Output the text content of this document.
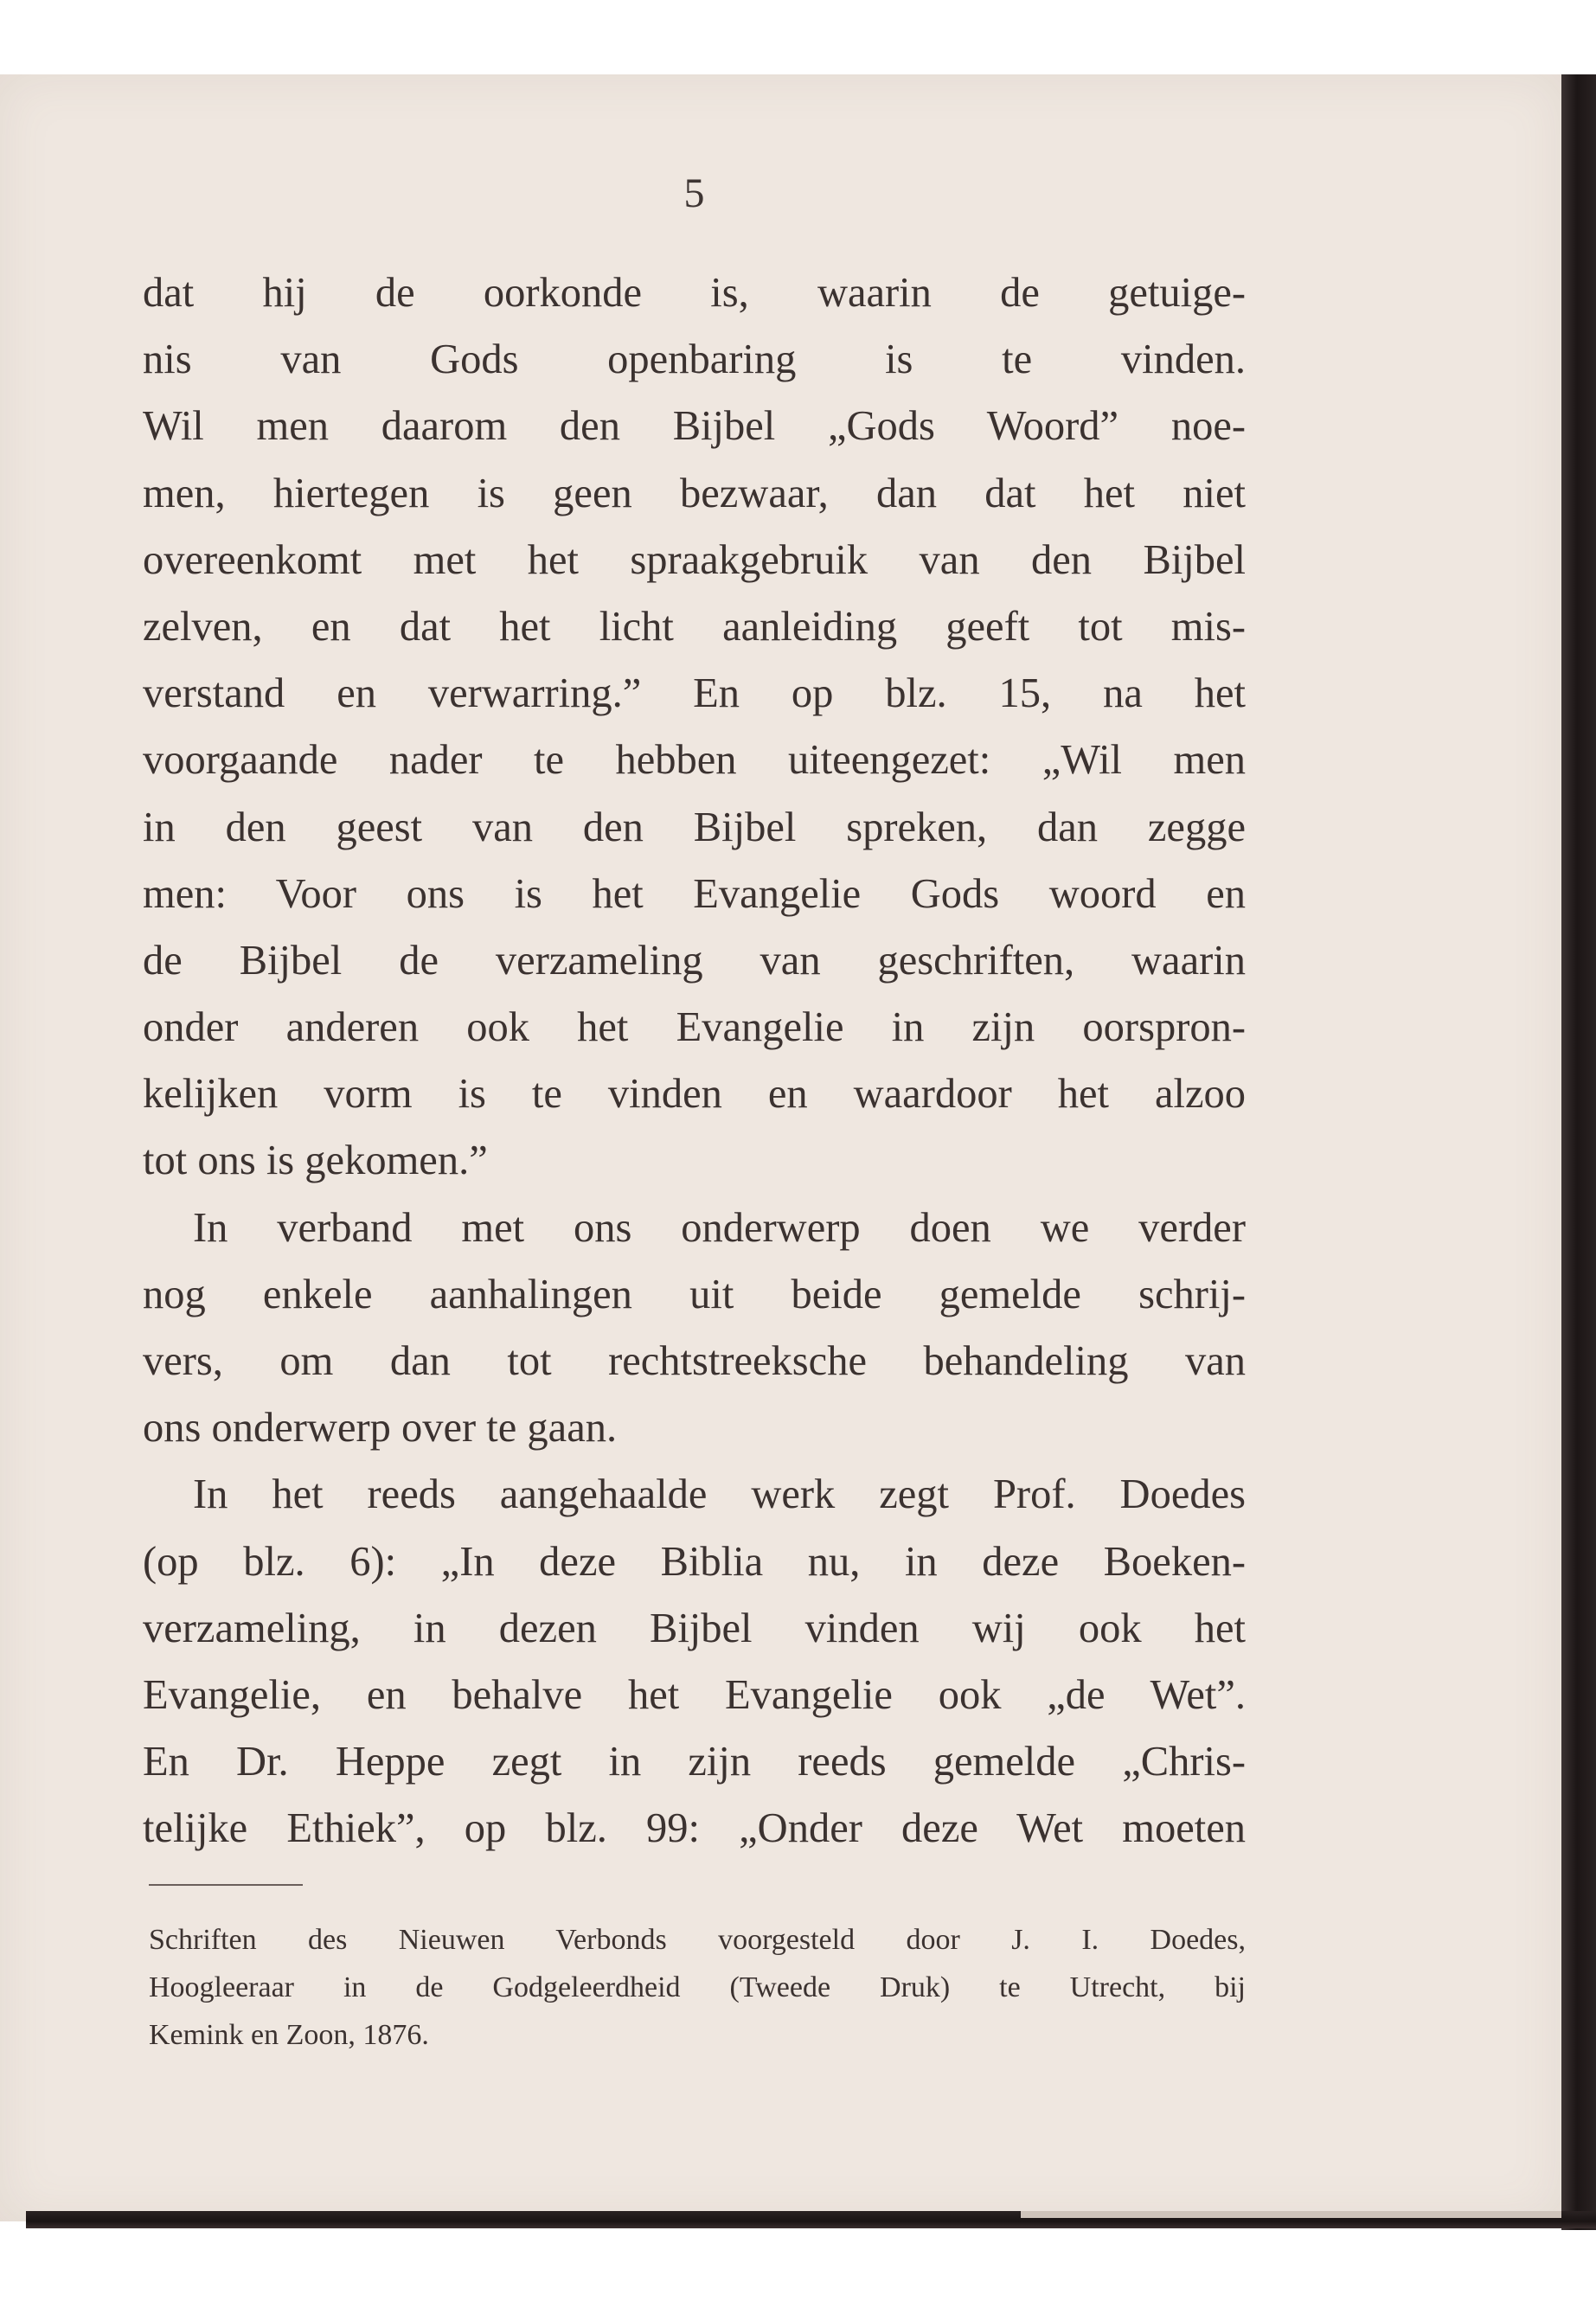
5
dat hij de oorkonde is, waarin de getuige-
nis van Gods openbaring is te vinden.
Wil men daarom den Bijbel „Gods Woord” noe-
men, hiertegen is geen bezwaar, dan dat het niet
overeenkomt met het spraakgebruik van den Bijbel
zelven, en dat het licht aanleiding geeft tot mis-
verstand en verwarring.” En op blz. 15, na het
voorgaande nader te hebben uiteengezet: „Wil men
in den geest van den Bijbel spreken, dan zegge
men: Voor ons is het Evangelie Gods woord en
de Bijbel de verzameling van geschriften, waarin
onder anderen ook het Evangelie in zijn oorspron-
kelijken vorm is te vinden en waardoor het alzoo
tot ons is gekomen.”
In verband met ons onderwerp doen we verder
nog enkele aanhalingen uit beide gemelde schrij-
vers, om dan tot rechtstreeksche behandeling van
ons onderwerp over te gaan.
In het reeds aangehaalde werk zegt Prof. Doedes
(op blz. 6): „In deze Biblia nu, in deze Boeken-
verzameling, in dezen Bijbel vinden wij ook het
Evangelie, en behalve het Evangelie ook „de Wet”.
En Dr. Heppe zegt in zijn reeds gemelde „Chris-
telijke Ethiek”, op blz. 99: „Onder deze Wet moeten
Schriften des Nieuwen Verbonds voorgesteld door J. I. Doedes,
Hoogleeraar in de Godgeleerdheid (Tweede Druk) te Utrecht, bij
Kemink en Zoon, 1876.
